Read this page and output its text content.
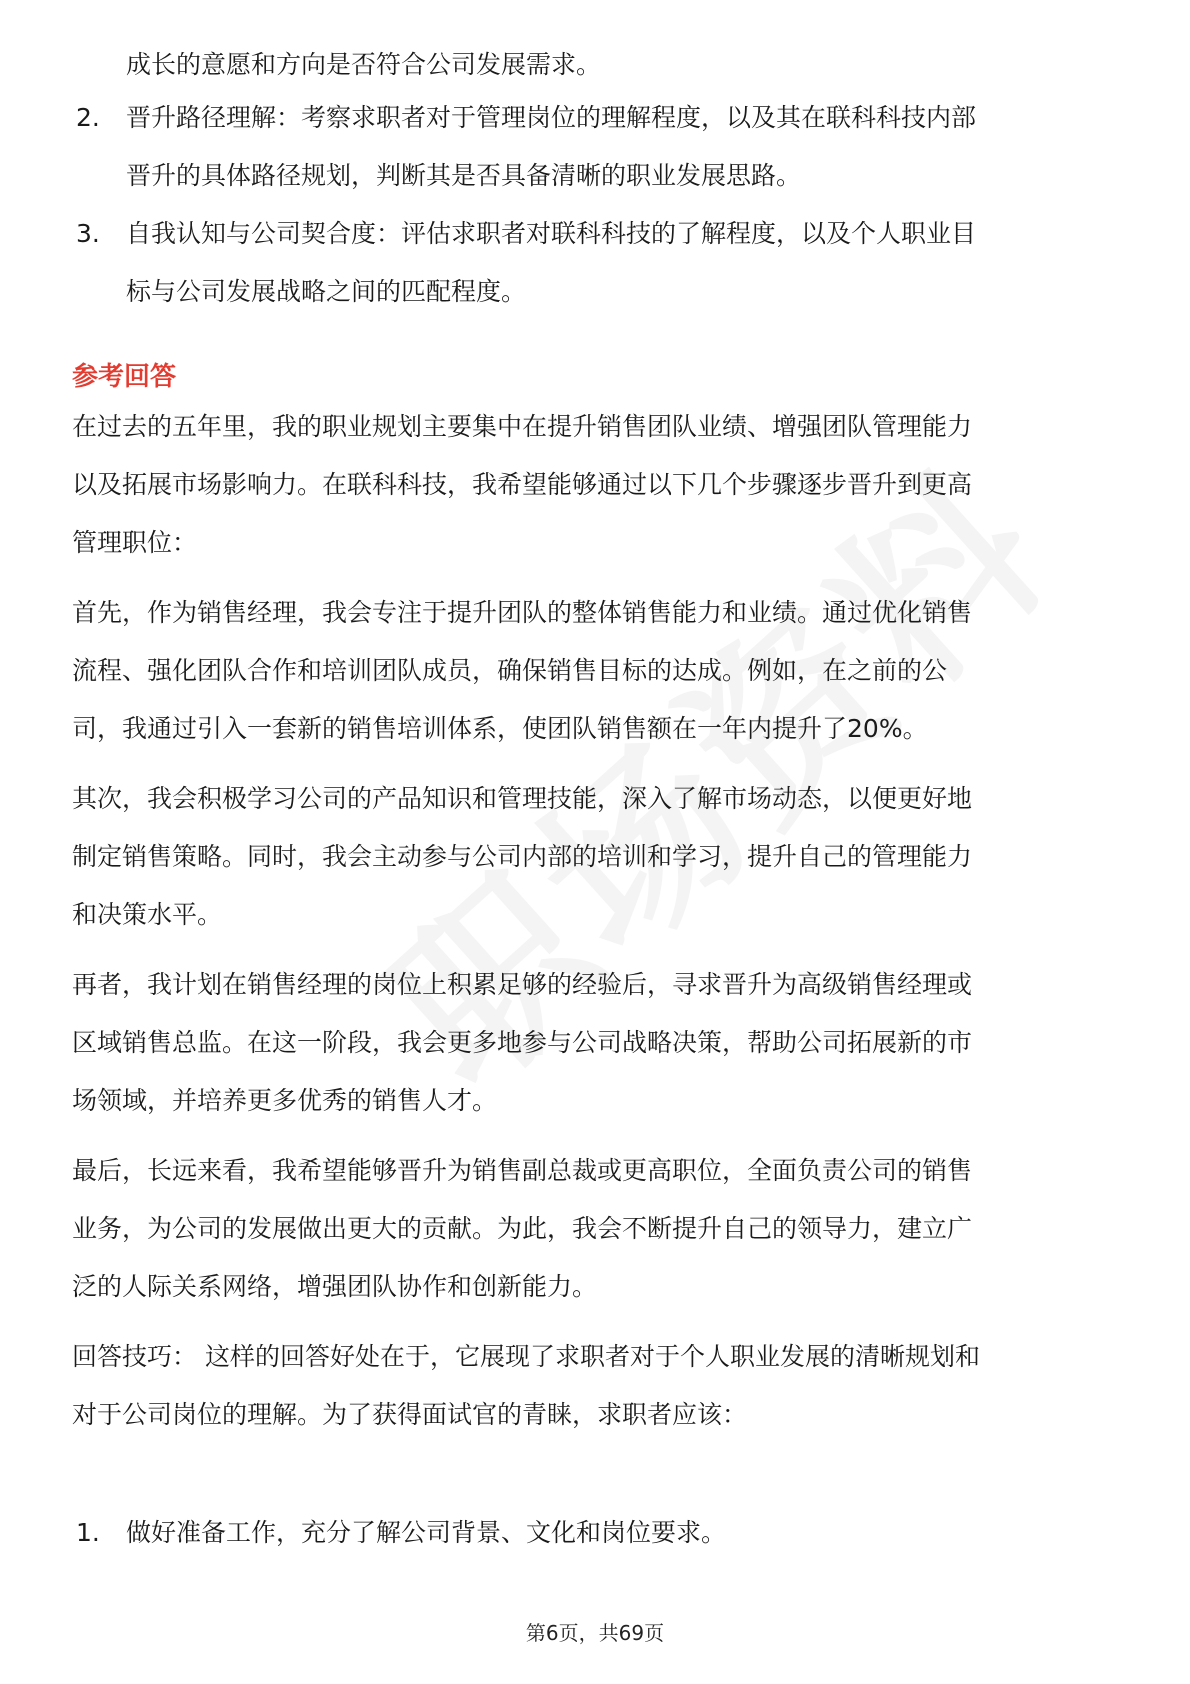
成长的意愿和方向是否符合公司发展需求。
2.	晋升路径理解：考察求职者对于管理岗位的理解程度，以及其在联科科技内部
晋升的具体路径规划，判断其是否具备清晰的职业发展思路。
3.	自我认知与公司契合度：评估求职者对联科科技的了解程度，以及个人职业目
标与公司发展战略之间的匹配程度。
参考回答
在过去的五年里，我的职业规划主要集中在提升销售团队业绩、增强团队管理能力
以及拓展市场影响力。在联科科技，我希望能够通过以下几个步骤逐步晋升到更高
管理职位：
首先，作为销售经理，我会专注于提升团队的整体销售能力和业绩。通过优化销售
流程、强化团队合作和培训团队成员，确保销售目标的达成。例如，在之前的公
司，我通过引入一套新的销售培训体系，使团队销售额在一年内提升了20%。
其次，我会积极学习公司的产品知识和管理技能，深入了解市场动态，以便更好地
制定销售策略。同时，我会主动参与公司内部的培训和学习，提升自己的管理能力
和决策水平。
再者，我计划在销售经理的岗位上积累足够的经验后，寻求晋升为高级销售经理或
区域销售总监。在这一阶段，我会更多地参与公司战略决策，帮助公司拓展新的市
场领域，并培养更多优秀的销售人才。
最后，长远来看，我希望能够晋升为销售副总裁或更高职位，全面负责公司的销售
业务，为公司的发展做出更大的贡献。为此，我会不断提升自己的领导力，建立广
泛的人际关系网络，增强团队协作和创新能力。
回答技巧： 这样的回答好处在于，它展现了求职者对于个人职业发展的清晰规划和
对于公司岗位的理解。为了获得面试官的青睐，求职者应该：
1.	做好准备工作，充分了解公司背景、文化和岗位要求。
第6页，共69页
